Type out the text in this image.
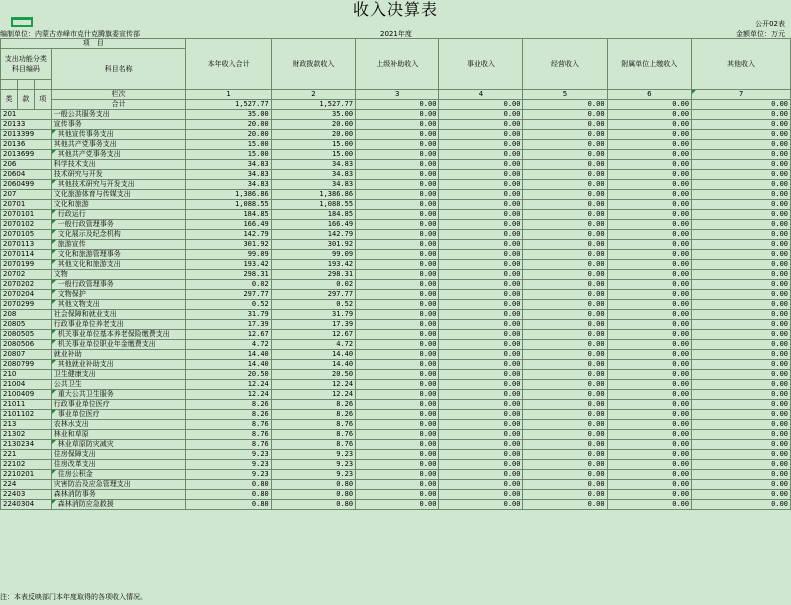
收入决算表
公开02表
编制单位：内蒙古赤峰市克什克腾旗委宣传部	2021年度	金额单位：万元
项　目				本年收入合计	财政拨款收入	上级补助收入	事业收入	经营收入	附属单位上缴收入	其他收入
支出功能分类科目编码			科目名称							

类	款	项	栏次	1	2	3	4	5	6	7
			合计	1,527.77	1,527.77	0.00	0.00	0.00	0.00	0.00
201			一般公共服务支出	35.00	35.00	0.00	0.00	0.00	0.00	0.00
20133			宣传事务	20.00	20.00	0.00	0.00	0.00	0.00	0.00
2013399			其他宣传事务支出	20.00	20.00	0.00	0.00	0.00	0.00	0.00
20136			其他共产党事务支出	15.00	15.00	0.00	0.00	0.00	0.00	0.00
2013699			其他共产党事务支出	15.00	15.00	0.00	0.00	0.00	0.00	0.00
206			科学技术支出	34.83	34.83	0.00	0.00	0.00	0.00	0.00
20604			技术研究与开发	34.83	34.83	0.00	0.00	0.00	0.00	0.00
2060499			其他技术研究与开发支出	34.83	34.83	0.00	0.00	0.00	0.00	0.00
207			文化旅游体育与传媒支出	1,386.86	1,386.86	0.00	0.00	0.00	0.00	0.00
20701			文化和旅游	1,088.55	1,088.55	0.00	0.00	0.00	0.00	0.00
2070101			行政运行	184.85	184.85	0.00	0.00	0.00	0.00	0.00
2070102			一般行政管理事务	166.49	166.49	0.00	0.00	0.00	0.00	0.00
2070105			文化展示及纪念机构	142.79	142.79	0.00	0.00	0.00	0.00	0.00
2070113			旅游宣传	301.92	301.92	0.00	0.00	0.00	0.00	0.00
2070114			文化和旅游管理事务	99.09	99.09	0.00	0.00	0.00	0.00	0.00
2070199			其他文化和旅游支出	193.42	193.42	0.00	0.00	0.00	0.00	0.00
20702			文物	298.31	298.31	0.00	0.00	0.00	0.00	0.00
2070202			一般行政管理事务	0.02	0.02	0.00	0.00	0.00	0.00	0.00
2070204			文物保护	297.77	297.77	0.00	0.00	0.00	0.00	0.00
2070299			其他文物支出	0.52	0.52	0.00	0.00	0.00	0.00	0.00
208			社会保障和就业支出	31.79	31.79	0.00	0.00	0.00	0.00	0.00
20805			行政事业单位养老支出	17.39	17.39	0.00	0.00	0.00	0.00	0.00
2080505			机关事业单位基本养老保险缴费支出	12.67	12.67	0.00	0.00	0.00	0.00	0.00
2080506			机关事业单位职业年金缴费支出	4.72	4.72	0.00	0.00	0.00	0.00	0.00
20807			就业补助	14.40	14.40	0.00	0.00	0.00	0.00	0.00
2080799			其他就业补助支出	14.40	14.40	0.00	0.00	0.00	0.00	0.00
210			卫生健康支出	20.50	20.50	0.00	0.00	0.00	0.00	0.00
21004			公共卫生	12.24	12.24	0.00	0.00	0.00	0.00	0.00
2100409			重大公共卫生服务	12.24	12.24	0.00	0.00	0.00	0.00	0.00
21011			行政事业单位医疗	8.26	8.26	0.00	0.00	0.00	0.00	0.00
2101102			事业单位医疗	8.26	8.26	0.00	0.00	0.00	0.00	0.00
213			农林水支出	8.76	8.76	0.00	0.00	0.00	0.00	0.00
21302			林业和草原	8.76	8.76	0.00	0.00	0.00	0.00	0.00
2130234			林业草原防灾减灾	8.76	8.76	0.00	0.00	0.00	0.00	0.00
221			住房保障支出	9.23	9.23	0.00	0.00	0.00	0.00	0.00
22102			住房改革支出	9.23	9.23	0.00	0.00	0.00	0.00	0.00
2210201			住房公积金	9.23	9.23	0.00	0.00	0.00	0.00	0.00
224			灾害防治及应急管理支出	0.80	0.80	0.00	0.00	0.00	0.00	0.00
22403			森林消防事务	0.80	0.80	0.00	0.00	0.00	0.00	0.00
2240304			森林消防应急救援	0.80	0.80	0.00	0.00	0.00	0.00	0.00
注：本表反映部门本年度取得的各项收入情况。
